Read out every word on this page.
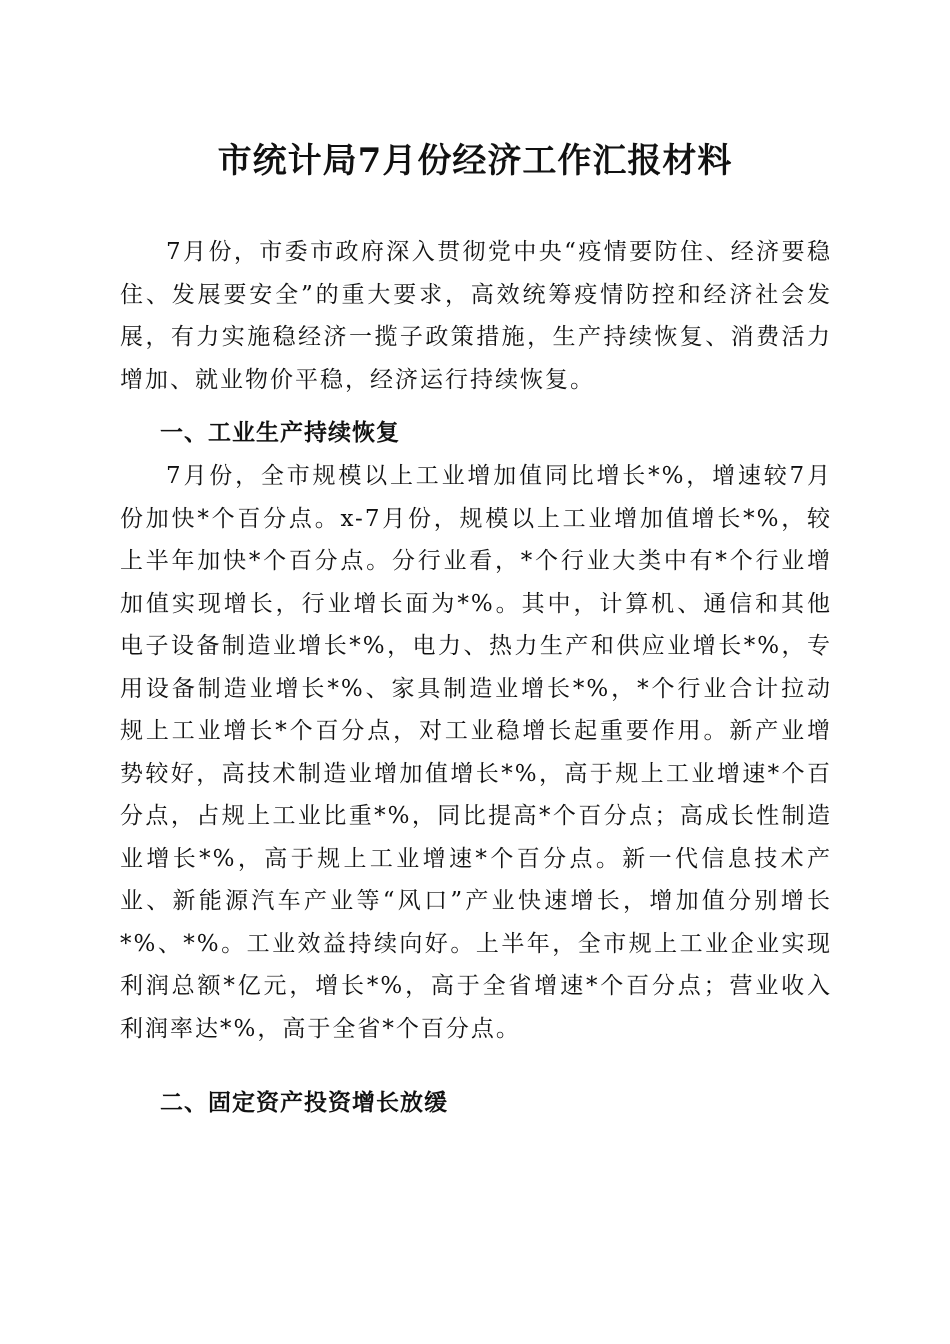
市统计局7月份经济工作汇报材料
7月份，市委市政府深入贯彻党中央“疫情要防住、经济要稳住、发展要安全”的重大要求，高效统筹疫情防控和经济社会发展，有力实施稳经济一揽子政策措施，生产持续恢复、消费活力增加、就业物价平稳，经济运行持续恢复。
一、工业生产持续恢复
7月份，全市规模以上工业增加值同比增长*%，增速较7月份加快*个百分点。x-7月份，规模以上工业增加值增长*%，较上半年加快*个百分点。分行业看，*个行业大类中有*个行业增加值实现增长，行业增长面为*%。其中，计算机、通信和其他电子设备制造业增长*%，电力、热力生产和供应业增长*%，专用设备制造业增长*%、家具制造业增长*%，*个行业合计拉动规上工业增长*个百分点，对工业稳增长起重要作用。新产业增势较好，高技术制造业增加值增长*%，高于规上工业增速*个百分点，占规上工业比重*%，同比提高*个百分点；高成长性制造业增长*%，高于规上工业增速*个百分点。新一代信息技术产业、新能源汽车产业等“风口”产业快速增长，增加值分别增长*%、*%。工业效益持续向好。上半年，全市规上工业企业实现利润总额*亿元，增长*%，高于全省增速*个百分点；营业收入利润率达*%，高于全省*个百分点。
二、固定资产投资增长放缓
